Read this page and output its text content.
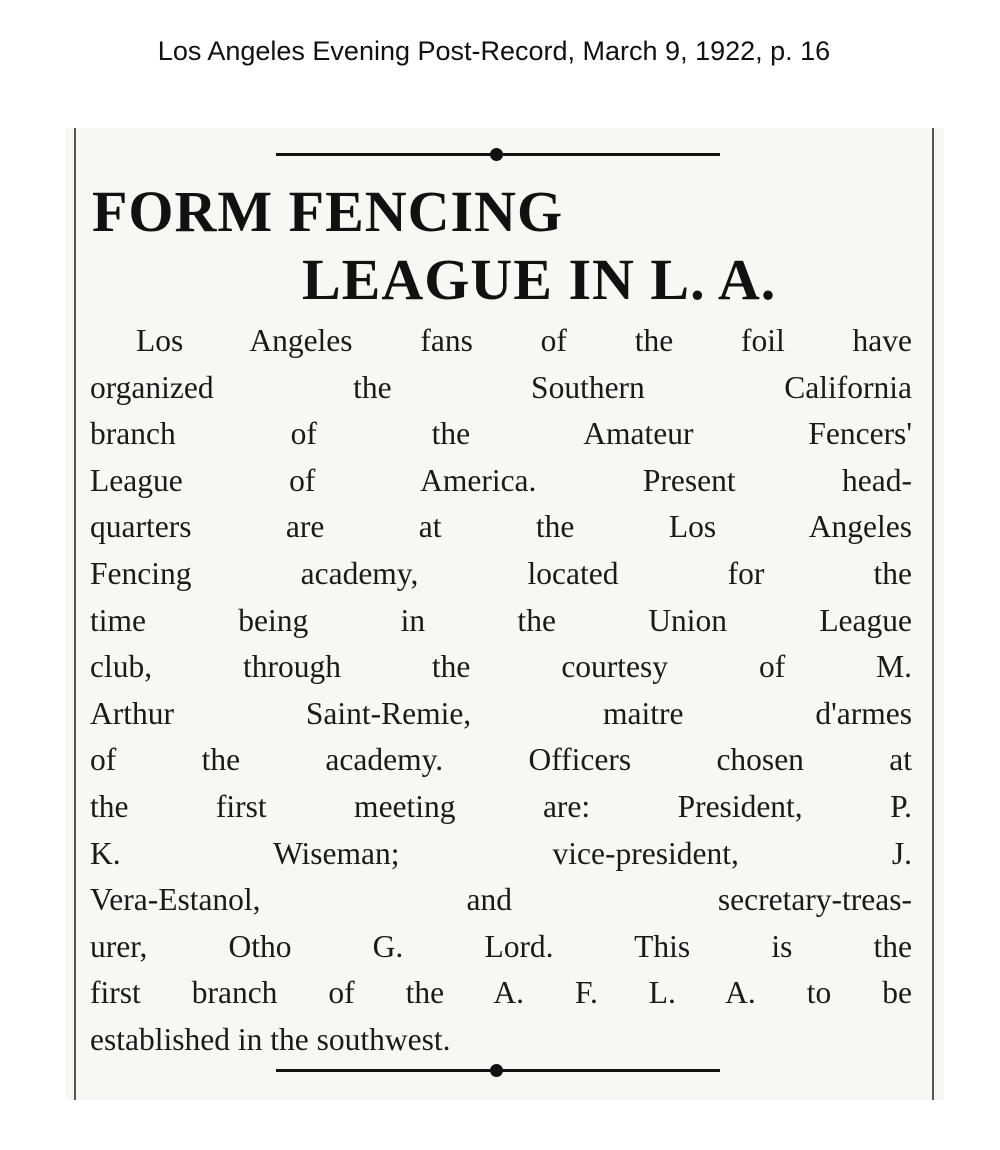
Los Angeles Evening Post-Record, March 9, 1922, p. 16
FORM FENCING
LEAGUE IN L. A.
Los Angeles fans of the foil have
organized the Southern California
branch of the Amateur Fencers'
League of America. Present head-
quarters are at the Los Angeles
Fencing academy, located for the
time being in the Union League
club, through the courtesy of M.
Arthur Saint-Remie, maitre d'armes
of the academy. Officers chosen at
the first meeting are: President, P.
K. Wiseman; vice-president, J.
Vera-Estanol, and secretary-treas-
urer, Otho G. Lord. This is the
first branch of the A. F. L. A. to be
established in the southwest.
